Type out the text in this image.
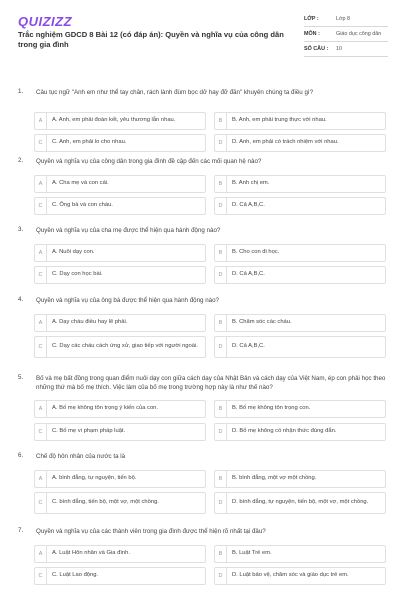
QUIZIZZ
Trắc nghiệm GDCD 8 Bài 12 (có đáp án): Quyền và nghĩa vụ của công dân trong gia đình
LỚP :	Lớp 8
MÔN :	Giáo dục công dân
SỐ CÂU :	10
1. Câu tục ngữ "Anh em như thể tay chân, rách lành đùm bọc dở hay đỡ đần" khuyên chúng ta điều gì?
A	A. Anh, em phải đoàn kết, yêu thương lẫn nhau.	B	B. Anh, em phải trung thực với nhau.
C	C. Anh, em phải lo cho nhau.	D	D. Anh, em phải có trách nhiệm với nhau.
2. Quyền và nghĩa vụ của công dân trong gia đình đề cập đến các mối quan hệ nào?
A	A. Cha mẹ và con cái.	B	B. Anh chị em.
C	C. Ông bà và con cháu.	D	D. Cả A,B,C.
3. Quyền và nghĩa vụ của cha mẹ được thể hiện qua hành động nào?
A	A. Nuôi dạy con.	B	B. Cho con đi học.
C	C. Dạy con học bài.	D	D. Cả A,B,C.
4. Quyền và nghĩa vụ của ông bà được thể hiện qua hành động nào?
A	A. Dạy cháu điều hay lẽ phải.	B	B. Chăm sóc các cháu.
C	C. Dạy các cháu cách ứng xử, giao tiếp với người ngoài.	D	D. Cả A,B,C.
5. Bố và mẹ bất đồng trong quan điểm nuôi dạy con giữa cách dạy của Nhật Bản và cách dạy của Việt Nam, ép con phải học theo những thứ mà bố mẹ thích. Việc làm của bố mẹ trong trường hợp này là như thế nào?
A	A. Bố mẹ không tôn trọng ý kiến của con.	B	B. Bố mẹ không tôn trọng con.
C	C. Bố mẹ vi phạm pháp luật.	D	D. Bố mẹ không có nhận thức đúng đắn.
6. Chế độ hôn nhân của nước ta là
A	A. bình đẳng, tự nguyện, tiến bộ.	B	B. bình đẳng, một vợ một chồng.
C	C. bình đẳng, tiến bộ, một vợ, một chồng.	D	D. bình đẳng, tự nguyện, tiến bộ, một vợ, một chồng.
7. Quyền và nghĩa vụ của các thành viên trong gia đình được thể hiện rõ nhất tại đâu?
A	A. Luật Hôn nhân và Gia đình.	B	B. Luật Trẻ em.
C	C. Luật Lao động.	D	D. Luật bảo vệ, chăm sóc và giáo dục trẻ em.
